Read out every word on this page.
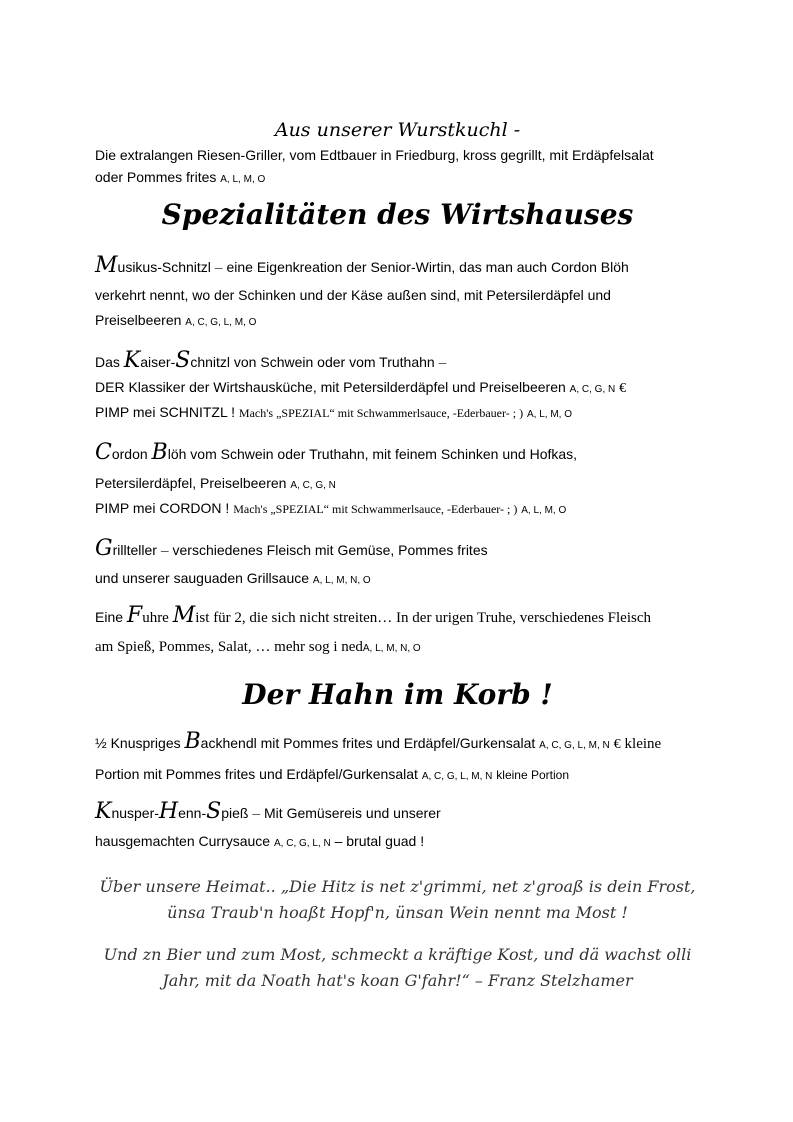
Aus unserer Wurstkuchl -

Die extralangen Riesen-Griller, vom Edtbauer in Friedburg, kross gegrillt, mit Erdäpfelsalat

oder Pommes frites A, L, M, O

Spezialitäten des Wirtshauses

Musikus-Schnitzl – eine Eigenkreation der Senior-Wirtin, das man auch Cordon Blöh

verkehrt nennt, wo der Schinken und der Käse außen sind, mit Petersilerdäpfel und

Preiselbeeren A, C, G, L, M, O

Das Kaiser-Schnitzl von Schwein oder vom Truthahn –

DER Klassiker der Wirtshausküche, mit Petersilderdäpfel und Preiselbeeren A, C, G, N €

PIMP mei SCHNITZL ! Mach's „SPEZIAL“ mit Schwammerlsauce, -Ederbauer- ; ) A, L, M, O

Cordon Blöh vom Schwein oder Truthahn, mit feinem Schinken und Hofkas,

Petersilerdäpfel, Preiselbeeren A, C, G, N

PIMP mei CORDON ! Mach's „SPEZIAL“ mit Schwammerlsauce, -Ederbauer- ; ) A, L, M, O

Grillteller – verschiedenes Fleisch mit Gemüse, Pommes frites

und unserer sauguaden Grillsauce A, L, M, N, O

Eine Fuhre Mist für 2, die sich nicht streiten… In der urigen Truhe, verschiedenes Fleisch

am Spieß, Pommes, Salat, … mehr sog i nedA, L, M, N, O

Der Hahn im Korb !

½ Knuspriges Backhendl mit Pommes frites und Erdäpfel/Gurkensalat A, C, G, L, M, N € kleine

Portion mit Pommes frites und Erdäpfel/Gurkensalat A, C, G, L, M, N kleine Portion

Knusper-Henn-Spieß – Mit Gemüsereis und unserer

hausgemachten Currysauce A, C, G, L, N – brutal guad !

Über unsere Heimat.. „Die Hitz is net z'grimmi, net z'groaß is dein Frost,

ünsa Traub'n hoaßt Hopf'n, ünsan Wein nennt ma Most !

Und zn Bier und zum Most, schmeckt a kräftige Kost, und dä wachst olli

Jahr, mit da Noath hat's koan G'fahr!“ – Franz Stelzhamer
